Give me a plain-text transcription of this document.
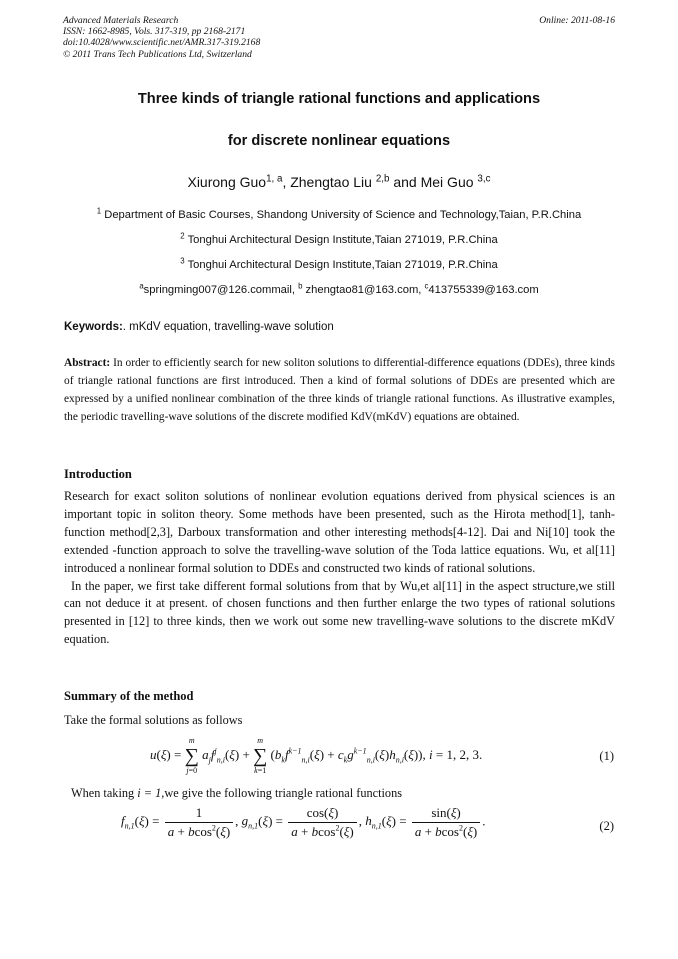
Advanced Materials Research
ISSN: 1662-8985, Vols. 317-319, pp 2168-2171
doi:10.4028/www.scientific.net/AMR.317-319.2168
© 2011 Trans Tech Publications Ltd, Switzerland
Online: 2011-08-16
Three kinds of triangle rational functions and applications
for discrete nonlinear equations
Xiurong Guo$^{1, a}$, Zhengtao Liu $^{2,b}$ and Mei Guo $^{3,c}$
$^1$ Department of Basic Courses, Shandong University of Science and Technology,Taian, P.R.China
$^2$ Tonghui Architectural Design Institute,Taian 271019, P.R.China
$^3$ Tonghui Architectural Design Institute,Taian 271019, P.R.China
$^a$springming007@126.commail, $^b$ zhengtao81@163.com, $^c$413755339@163.com
Keywords:. mKdV equation, travelling-wave solution
Abstract: In order to efficiently search for new soliton solutions to differential-difference equations (DDEs), three kinds of triangle rational functions are first introduced. Then a kind of formal solutions of DDEs are presented which are expressed by a unified nonlinear combination of the three kinds of triangle rational functions. As illustrative examples, the periodic travelling-wave solutions of the discrete modified KdV(mKdV) equations are obtained.
Introduction

Research for exact soliton solutions of nonlinear evolution equations derived from physical sciences is an important topic in soliton theory. Some methods have been presented, such as the Hirota method[1], tanh-function method[2,3], Darboux transformation and other interesting methods[4-12]. Dai and Ni[10] took the extended -function approach to solve the travelling-wave solution of the Toda lattice equations. Wu, et al[11] introduced a nonlinear formal solution to DDEs and constructed two kinds of rational solutions.

In the paper, we first take different formal solutions from that by Wu,et al[11] in the aspect structure,we still can not deduce it at present. of chosen functions and then further enlarge the two types of rational solutions presented in [12] to three kinds, then we work out some new travelling-wave solutions to the discrete mKdV equation.

Summary of the method
Take the formal solutions as follows
u(ξ) =
m
∑
j=0
$a_jf^j_{n,i}(\xi)$ +
m
∑
k=1
$(b_kf^{k-1}_{n,i}(\xi) + c_kg^{k-1}_{n,i}(\xi)h_{n,i}(\xi))$, i = 1, 2, 3.	(1)
When taking i = 1,we give the following triangle rational functions
$f_{n,1}(\xi) = \frac{1}{a + bcos^2(\xi)}$ , $g_{n,1}(\xi) = \frac{\cos(\xi)}{a + bcos^2(\xi)}$ , $h_{n,1}(\xi) = \frac{\sin(\xi)}{a + bcos^2(\xi)}$ .	(2)
